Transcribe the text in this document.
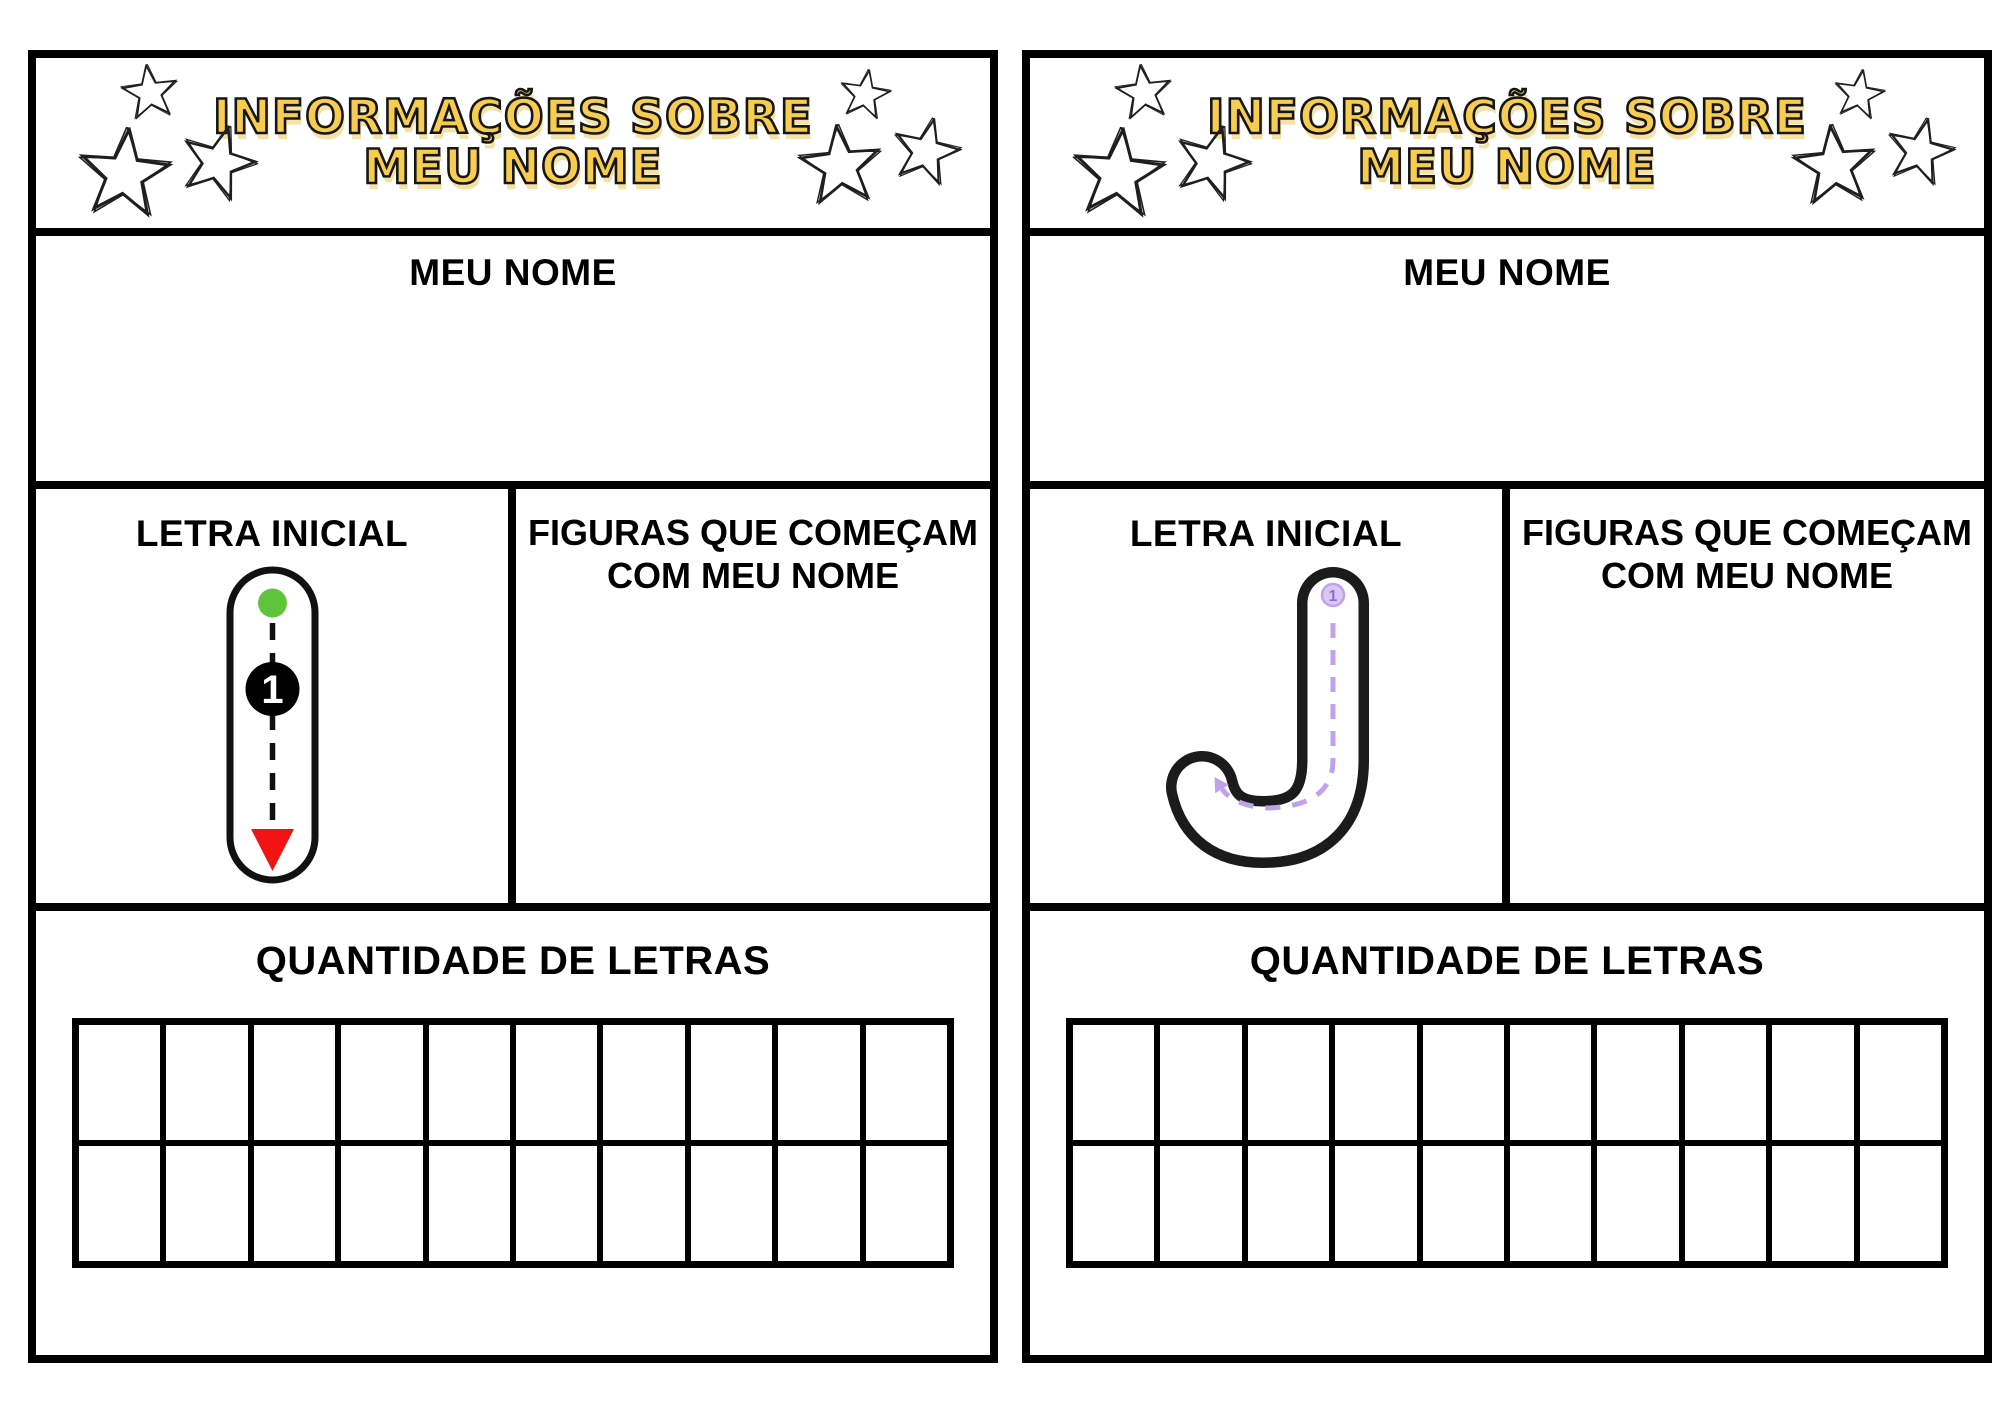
INFORMAÇÕES SOBRE
MEU NOME
MEU NOME
LETRA INICIAL
1
FIGURAS QUE COMEÇAM
COM MEU NOME
QUANTIDADE DE LETRAS
INFORMAÇÕES SOBRE
MEU NOME
MEU NOME
LETRA INICIAL
1
FIGURAS QUE COMEÇAM
COM MEU NOME
QUANTIDADE DE LETRAS
